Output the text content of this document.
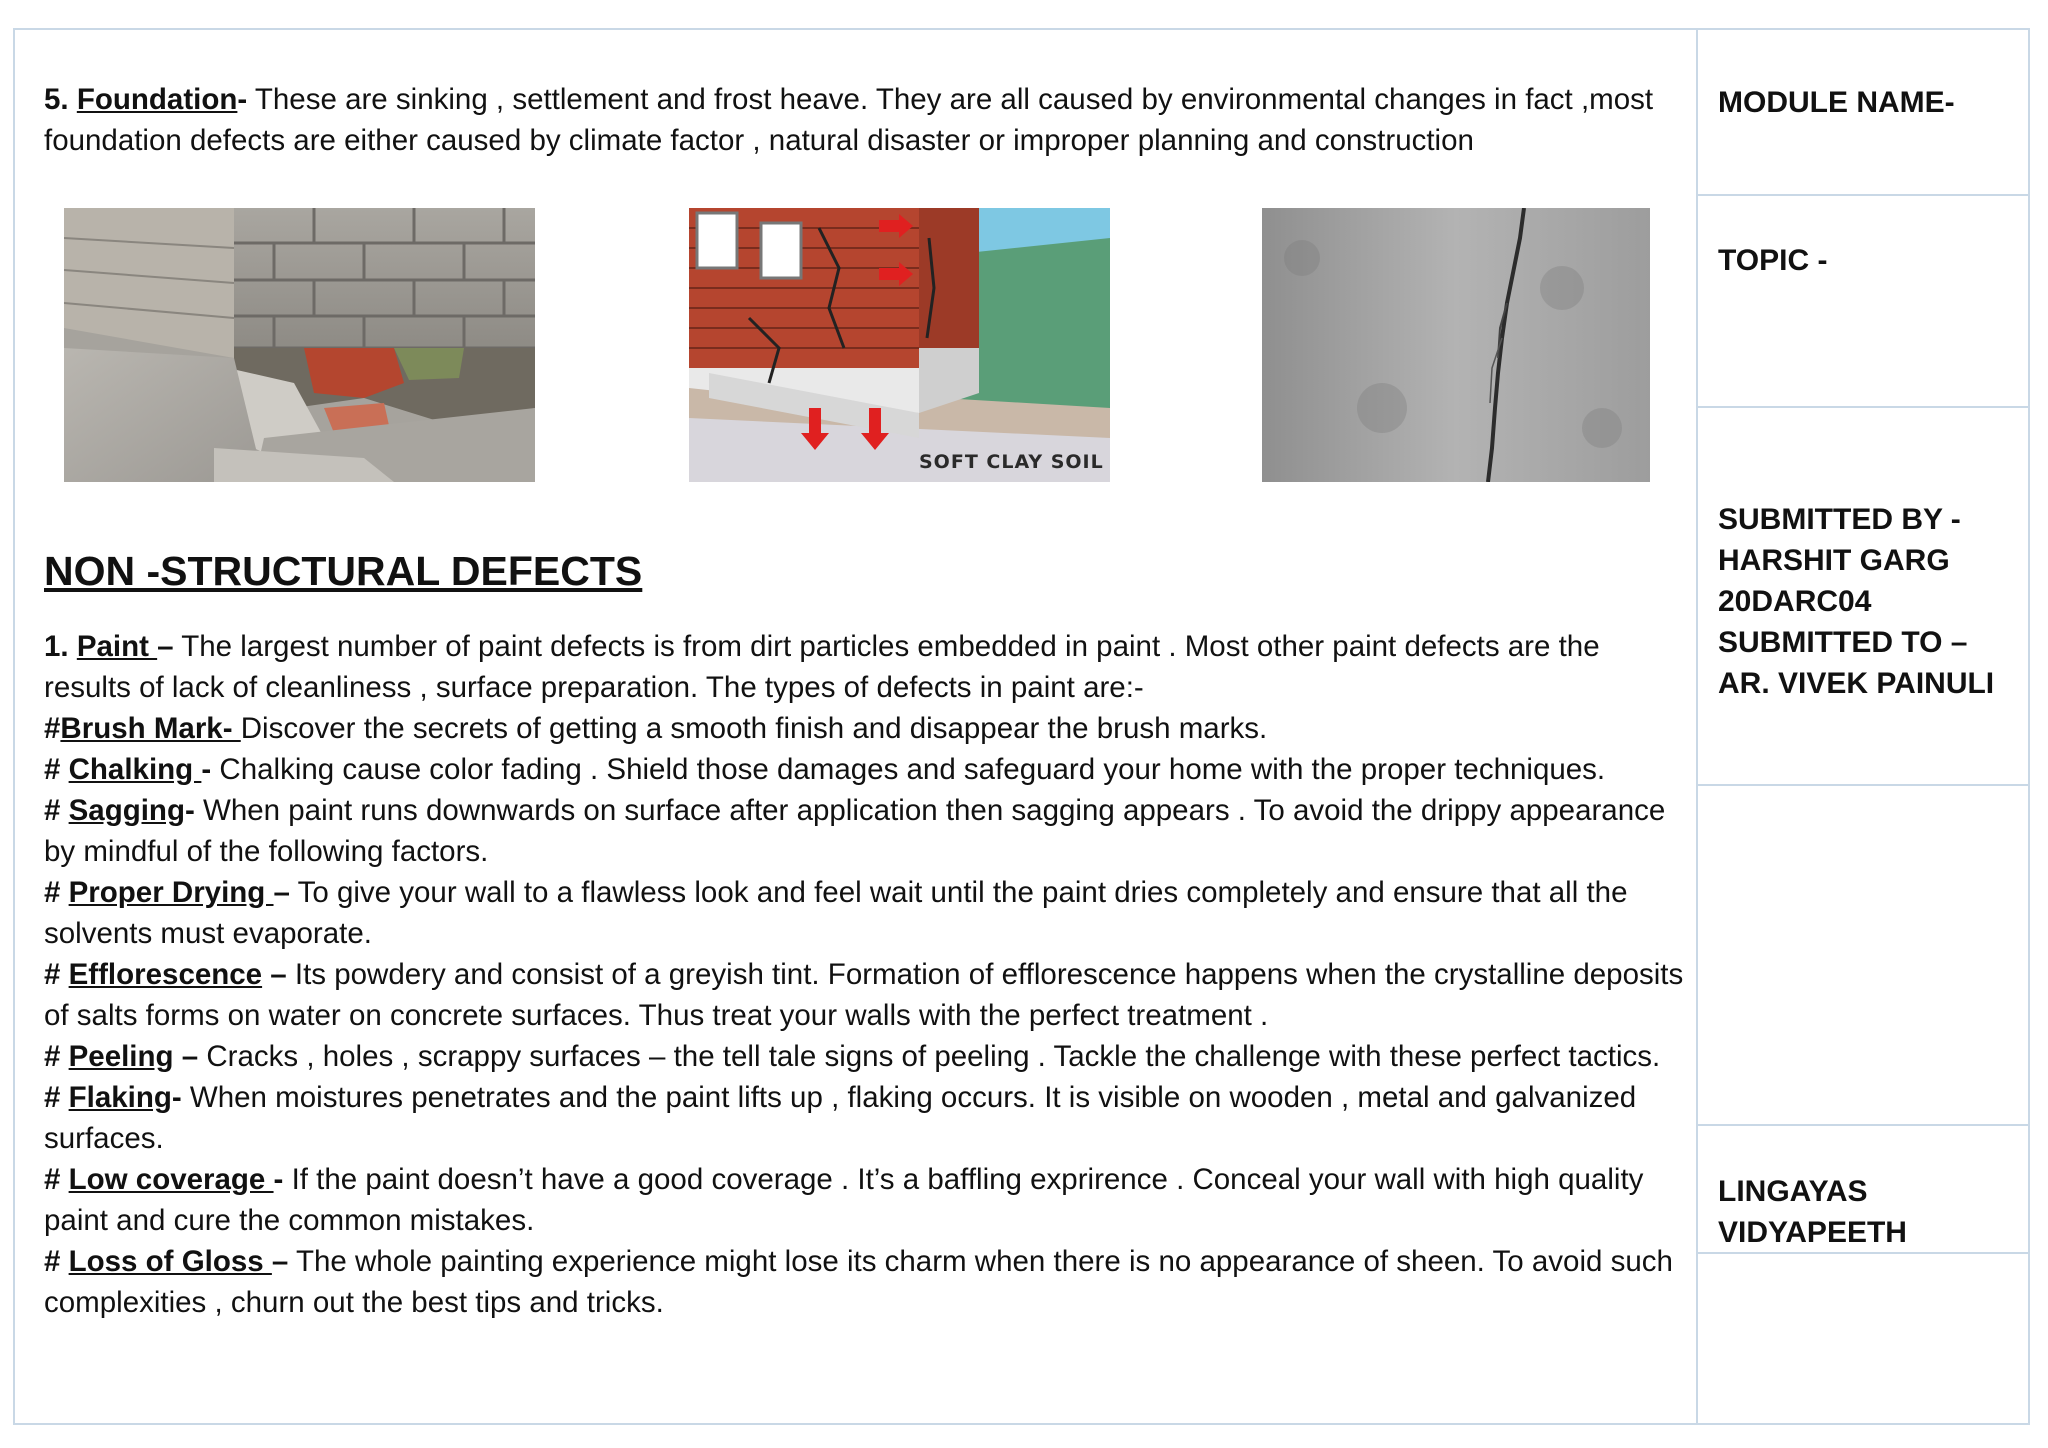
5. Foundation- These are sinking , settlement and frost heave. They are all caused by environmental changes in fact ,most foundation defects are either caused by climate factor , natural disaster or improper planning and construction

SOFT CLAY SOIL
NON -STRUCTURAL DEFECTS

1. Paint – The largest number of paint defects is from dirt particles embedded in paint . Most other paint defects are the results of lack of cleanliness , surface preparation. The types of defects in paint are:-

#Brush Mark- Discover the secrets of getting a smooth finish and disappear the brush marks.

# Chalking - Chalking cause color fading . Shield those damages and safeguard your home with the proper techniques.

# Sagging- When paint runs downwards on surface after application then sagging appears . To avoid the drippy appearance by mindful of the following factors.

# Proper Drying – To give your wall to a flawless look and feel wait until the paint dries completely and ensure that all the solvents must evaporate.

# Efflorescence – Its powdery and consist of a greyish tint. Formation of efflorescence happens when the crystalline deposits of salts forms on water on concrete surfaces. Thus treat your walls with the perfect treatment .

# Peeling – Cracks , holes , scrappy surfaces – the tell tale signs of peeling . Tackle the challenge with these perfect tactics.

# Flaking- When moistures penetrates and the paint lifts up , flaking occurs. It is visible on wooden , metal and galvanized surfaces.

# Low coverage - If the paint doesn’t have a good coverage . It’s a baffling exprirence . Conceal your wall with high quality paint and cure the common mistakes.

# Loss of Gloss – The whole painting experience might lose its charm when there is no appearance of sheen. To avoid such complexities , churn out the best tips and tricks.

MODULE NAME-

TOPIC -

SUBMITTED BY -

HARSHIT GARG

20DARC04

SUBMITTED TO –

AR. VIVEK PAINULI

LINGAYAS

VIDYAPEETH
